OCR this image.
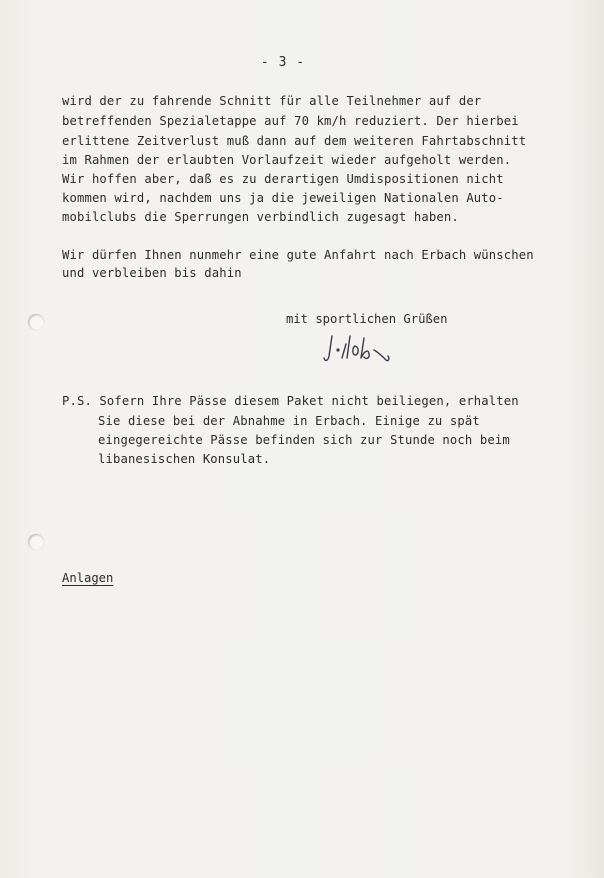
- 3 -
wird der zu fahrende Schnitt für alle Teilnehmer auf der
betreffenden Spezialetappe auf 70 km/h reduziert. Der hierbei
erlittene Zeitverlust muß dann auf dem weiteren Fahrtabschnitt
im Rahmen der erlaubten Vorlaufzeit wieder aufgeholt werden.
Wir hoffen aber, daß es zu derartigen Umdispositionen nicht
kommen wird, nachdem uns ja die jeweiligen Nationalen Auto-
mobilclubs die Sperrungen verbindlich zugesagt haben.
Wir dürfen Ihnen nunmehr eine gute Anfahrt nach Erbach wünschen
und verbleiben bis dahin
mit sportlichen Grüßen
P.S. Sofern Ihre Pässe diesem Paket nicht beiliegen, erhalten
Sie diese bei der Abnahme in Erbach. Einige zu spät
eingegereichte Pässe befinden sich zur Stunde noch beim
libanesischen Konsulat.
Anlagen
